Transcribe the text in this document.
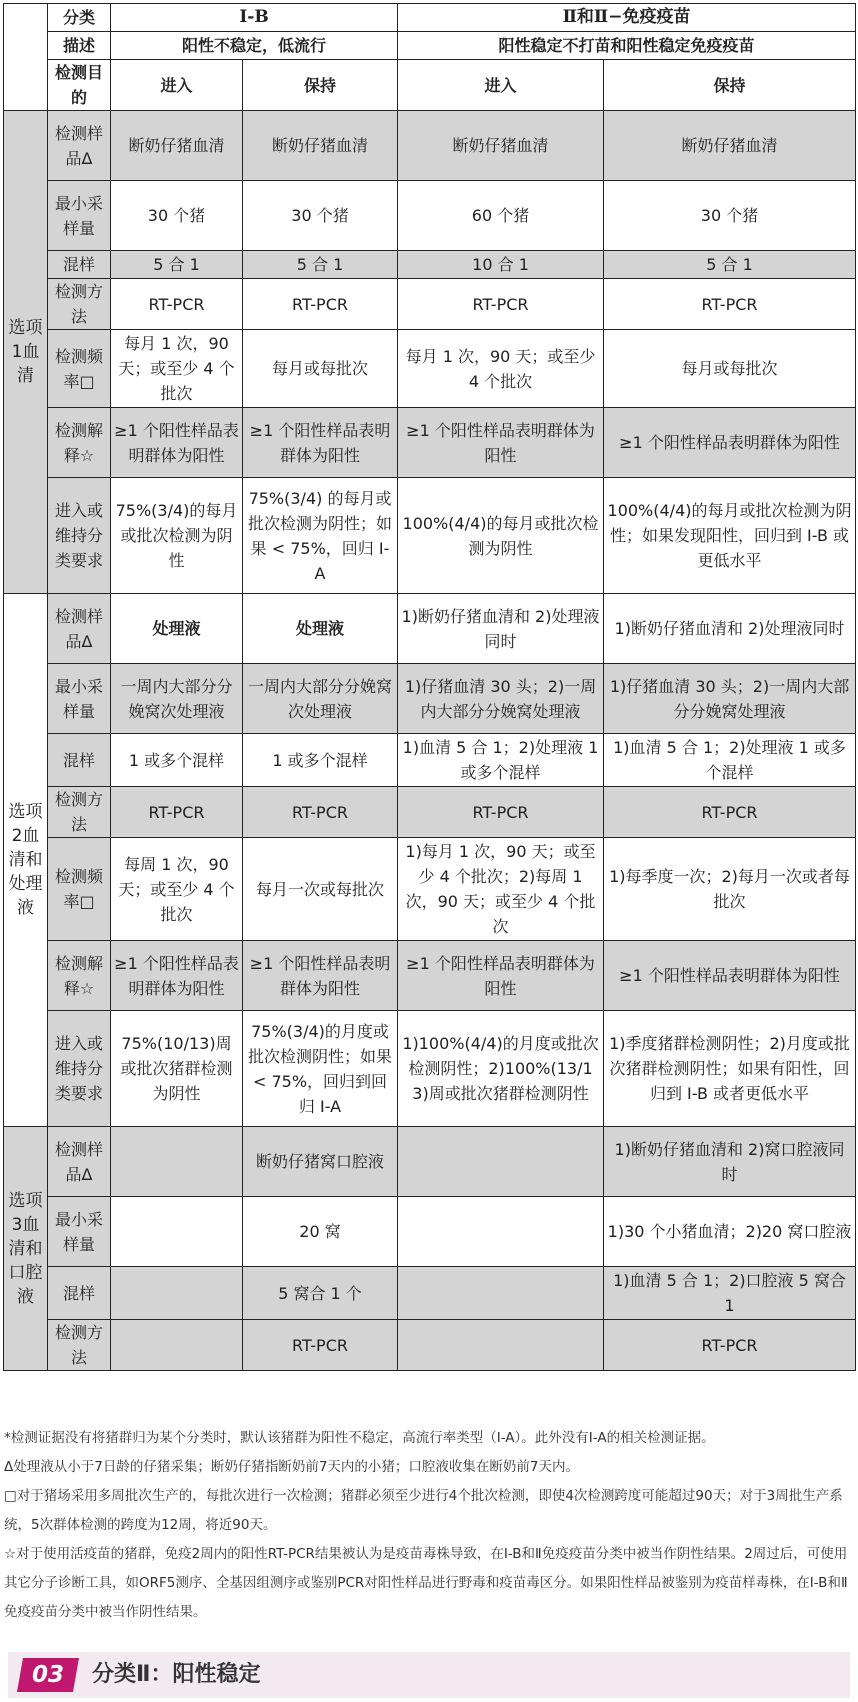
	分类	I-B		Ⅱ和Ⅱ−免疫疫苗	
	描述	阳性不稳定，低流行		阳性稳定不打苗和阳性稳定免疫疫苗	
	检测目的	进入	保持	进入	保持
选项1血清	检测样品Δ	断奶仔猪血清	断奶仔猪血清	断奶仔猪血清	断奶仔猪血清
	最小采样量	30 个猪	30 个猪	60 个猪	30 个猪
	混样	5 合 1	5 合 1	10 合 1	5 合 1
	检测方法	RT-PCR	RT-PCR	RT-PCR	RT-PCR
	检测频率□	每月 1 次，90 天；或至少 4 个批次	每月或每批次	每月 1 次，90 天；或至少 4 个批次	每月或每批次
	检测解释☆	≥1 个阳性样品表明群体为阳性	≥1 个阳性样品表明群体为阳性	≥1 个阳性样品表明群体为阳性	≥1 个阳性样品表明群体为阳性
	进入或维持分类要求	75%(3/4)的每月或批次检测为阴性	75%(3/4) 的每月或批次检测为阴性；如果 < 75%，回归 I-A	100%(4/4)的每月或批次检测为阴性	100%(4/4)的每月或批次检测为阴性；如果发现阳性，回归到 I-B 或更低水平
选项2血清和处理液	检测样品Δ	处理液	处理液	1)断奶仔猪血清和 2)处理液同时	1)断奶仔猪血清和 2)处理液同时
	最小采样量	一周内大部分分娩窝次处理液	一周内大部分分娩窝次处理液	1)仔猪血清 30 头；2)一周内大部分分娩窝处理液	1)仔猪血清 30 头；2)一周内大部分分娩窝处理液
	混样	1 或多个混样	1 或多个混样	1)血清 5 合 1；2)处理液 1 或多个混样	1)血清 5 合 1；2)处理液 1 或多个混样
	检测方法	RT-PCR	RT-PCR	RT-PCR	RT-PCR
	检测频率□	每周 1 次，90 天；或至少 4 个批次	每月一次或每批次	1)每月 1 次，90 天；或至少 4 个批次；2)每周 1 次，90 天；或至少 4 个批次	1)每季度一次；2)每月一次或者每批次
	检测解释☆	≥1 个阳性样品表明群体为阳性	≥1 个阳性样品表明群体为阳性	≥1 个阳性样品表明群体为阳性	≥1 个阳性样品表明群体为阳性
	进入或维持分类要求	75%(10/13)周或批次猪群检测为阴性	75%(3/4)的月度或批次检测阴性；如果 < 75%，回归到回归 I-A	1)100%(4/4)的月度或批次检测阴性；2)100%(13/13)周或批次猪群检测阴性	1)季度猪群检测阴性；2)月度或批次猪群检测阴性；如果有阳性，回归到 I-B 或者更低水平
选项3血清和口腔液	检测样品Δ		断奶仔猪窝口腔液		1)断奶仔猪血清和 2)窝口腔液同时
	最小采样量		20 窝		1)30 个小猪血清；2)20 窝口腔液
	混样		5 窝合 1 个		1)血清 5 合 1；2)口腔液 5 窝合 1
	检测方法		RT-PCR		RT-PCR

*检测证据没有将猪群归为某个分类时，默认该猪群为阳性不稳定，高流行率类型（I-A）。此外没有I-A的相关检测证据。

Δ处理液从小于7日龄的仔猪采集；断奶仔猪指断奶前7天内的小猪；口腔液收集在断奶前7天内。

□对于猪场采用多周批次生产的，每批次进行一次检测；猪群必须至少进行4个批次检测，即使4次检测跨度可能超过90天；对于3周批生产系统，5次群体检测的跨度为12周，将近90天。

☆对于使用活疫苗的猪群，免疫2周内的阳性RT-PCR结果被认为是疫苗毒株导致，在I-B和Ⅱ免疫疫苗分类中被当作阴性结果。2周过后，可使用其它分子诊断工具，如ORF5测序、全基因组测序或鉴别PCR对阳性样品进行野毒和疫苗毒区分。如果阳性样品被鉴别为疫苗样毒株，在I-B和Ⅱ免疫疫苗分类中被当作阴性结果。

03	分类Ⅱ：阳性稳定
